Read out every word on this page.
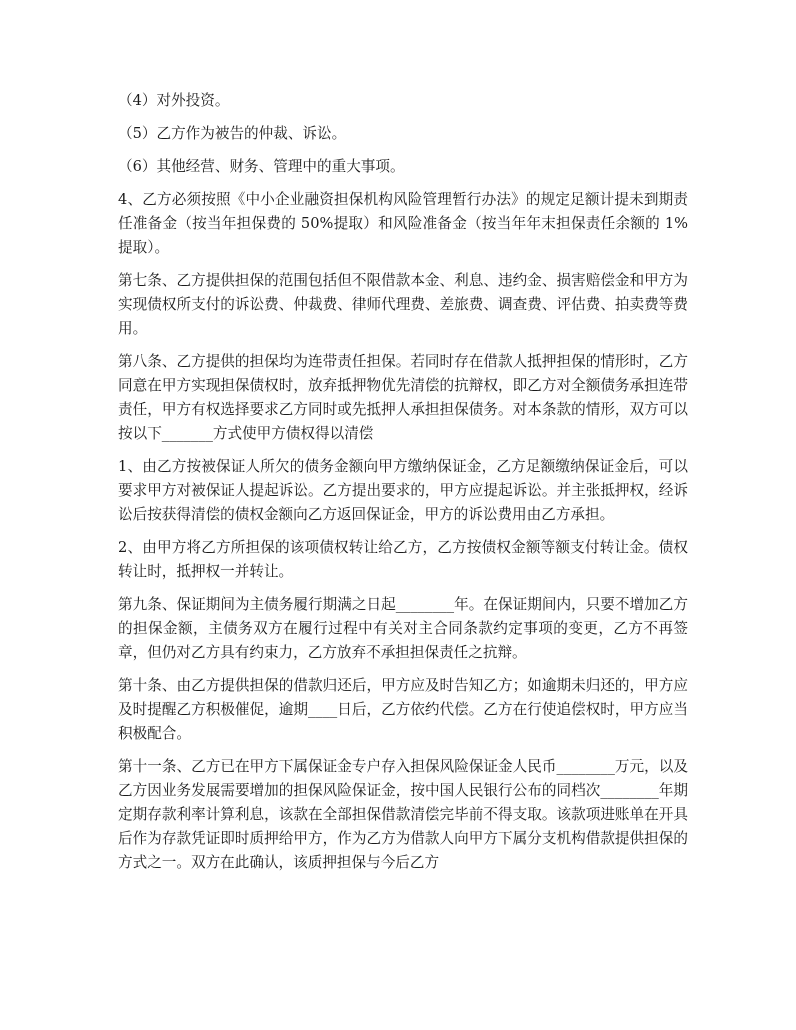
（4）对外投资。

（5）乙方作为被告的仲裁、诉讼。

（6）其他经营、财务、管理中的重大事项。

4、乙方必须按照《中小企业融资担保机构风险管理暂行办法》的规定足额计提未到期责任准备金（按当年担保费的 50%提取）和风险准备金（按当年年末担保责任余额的 1%提取）。

第七条、乙方提供担保的范围包括但不限借款本金、利息、违约金、损害赔偿金和甲方为实现债权所支付的诉讼费、仲裁费、律师代理费、差旅费、调查费、评估费、拍卖费等费用。

第八条、乙方提供的担保均为连带责任担保。若同时存在借款人抵押担保的情形时，乙方同意在甲方实现担保债权时，放弃抵押物优先清偿的抗辩权，即乙方对全额债务承担连带责任，甲方有权选择要求乙方同时或先抵押人承担担保债务。对本条款的情形，双方可以按以下_______方式使甲方债权得以清偿

1、由乙方按被保证人所欠的债务金额向甲方缴纳保证金，乙方足额缴纳保证金后，可以要求甲方对被保证人提起诉讼。乙方提出要求的，甲方应提起诉讼。并主张抵押权，经诉讼后按获得清偿的债权金额向乙方返回保证金，甲方的诉讼费用由乙方承担。

2、由甲方将乙方所担保的该项债权转让给乙方，乙方按债权金额等额支付转让金。债权转让时，抵押权一并转让。

第九条、保证期间为主债务履行期满之日起________年。在保证期间内，只要不增加乙方的担保金额，主债务双方在履行过程中有关对主合同条款约定事项的变更，乙方不再签章，但仍对乙方具有约束力，乙方放弃不承担担保责任之抗辩。

第十条、由乙方提供担保的借款归还后，甲方应及时告知乙方；如逾期未归还的，甲方应及时提醒乙方积极催促，逾期____日后，乙方依约代偿。乙方在行使追偿权时，甲方应当积极配合。

第十一条、乙方已在甲方下属保证金专户存入担保风险保证金人民币________万元，以及乙方因业务发展需要增加的担保风险保证金，按中国人民银行公布的同档次________年期定期存款利率计算利息，该款在全部担保借款清偿完毕前不得支取。该款项进账单在开具后作为存款凭证即时质押给甲方，作为乙方为借款人向甲方下属分支机构借款提供担保的方式之一。双方在此确认，该质押担保与今后乙方
